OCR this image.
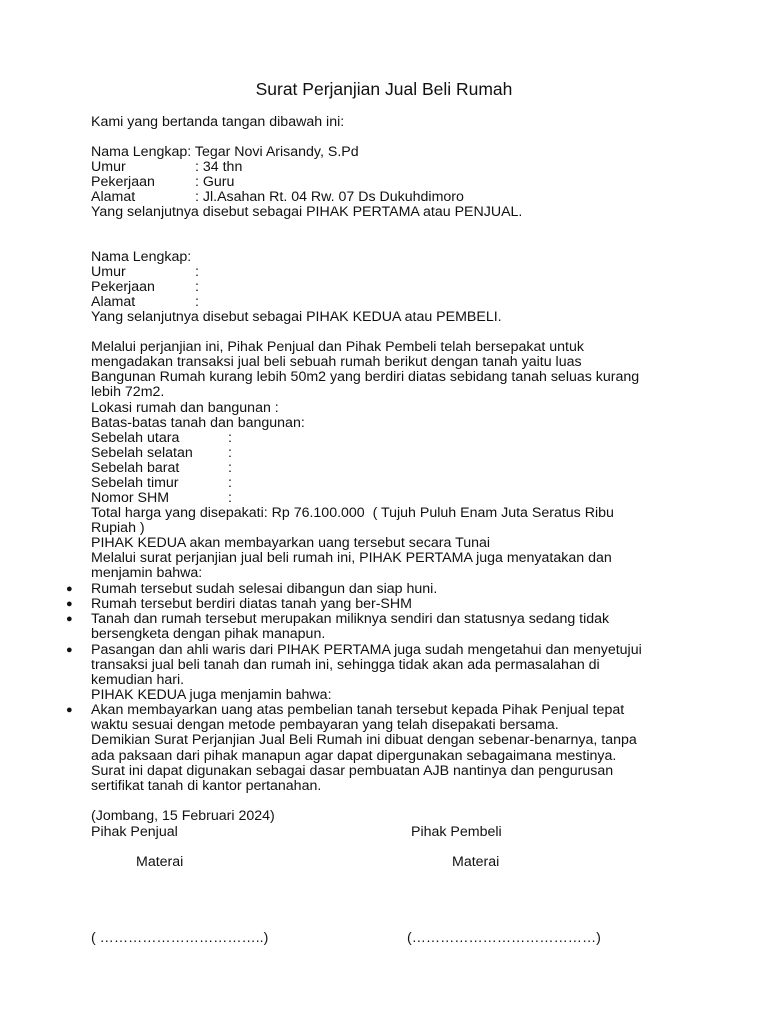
Surat Perjanjian Jual Beli Rumah
Kami yang bertanda tangan dibawah ini:
Nama Lengkap: Tegar Novi Arisandy, S.Pd
Umur	: 34 thn
Pekerjaan	: Guru
Alamat	: Jl.Asahan Rt. 04 Rw. 07 Ds Dukuhdimoro
Yang selanjutnya disebut sebagai PIHAK PERTAMA atau PENJUAL.
Nama Lengkap:
Umur	:
Pekerjaan	:
Alamat	:
Yang selanjutnya disebut sebagai PIHAK KEDUA atau PEMBELI.
Melalui perjanjian ini, Pihak Penjual dan Pihak Pembeli telah bersepakat untuk
mengadakan transaksi jual beli sebuah rumah berikut dengan tanah yaitu luas
Bangunan Rumah kurang lebih 50m2 yang berdiri diatas sebidang tanah seluas kurang
lebih 72m2.
Lokasi rumah dan bangunan :
Batas-batas tanah dan bangunan:
Sebelah utara	:
Sebelah selatan :
Sebelah barat	:
Sebelah timur	:
Nomor SHM	:
Total harga yang disepakati: Rp 76.100.000  ( Tujuh Puluh Enam Juta Seratus Ribu
Rupiah )
PIHAK KEDUA akan membayarkan uang tersebut secara Tunai
Melalui surat perjanjian jual beli rumah ini, PIHAK PERTAMA juga menyatakan dan
menjamin bahwa:
● Rumah tersebut sudah selesai dibangun dan siap huni.
● Rumah tersebut berdiri diatas tanah yang ber-SHM
● Tanah dan rumah tersebut merupakan miliknya sendiri dan statusnya sedang tidak
bersengketa dengan pihak manapun.
● Pasangan dan ahli waris dari PIHAK PERTAMA juga sudah mengetahui dan menyetujui
transaksi jual beli tanah dan rumah ini, sehingga tidak akan ada permasalahan di
kemudian hari.
PIHAK KEDUA juga menjamin bahwa:
● Akan membayarkan uang atas pembelian tanah tersebut kepada Pihak Penjual tepat
waktu sesuai dengan metode pembayaran yang telah disepakati bersama.
Demikian Surat Perjanjian Jual Beli Rumah ini dibuat dengan sebenar-benarnya, tanpa
ada paksaan dari pihak manapun agar dapat dipergunakan sebagaimana mestinya.
Surat ini dapat digunakan sebagai dasar pembuatan AJB nantinya dan pengurusan
sertifikat tanah di kantor pertanahan.
(Jombang, 15 Februari 2024)
Pihak Penjual	Pihak Pembeli
Materai	Materai
( ……………………………..)	(…………………………………)
